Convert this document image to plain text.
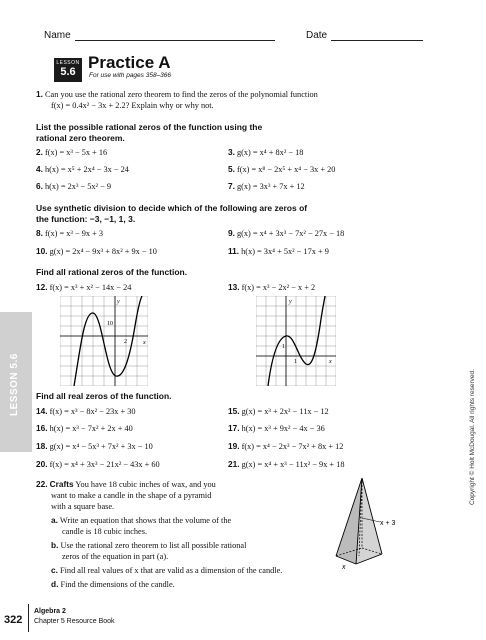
Name	Date
LESSON
5.6 Practice A
For use with pages 358–366
LESSON 5.6	Copyright © Holt McDougal. All rights reserved.
1. Can you use the rational zero theorem to find the zeros of the polynomial function
f(x) = 0.4x² − 3x + 2.2? Explain why or why not.
List the possible rational zeros of the function using the
rational zero theorem.
2. f(x) = x³ − 5x + 16	3. g(x) = x⁴ + 8x² − 18
4. h(x) = x⁵ + 2x⁴ − 3x − 24	5. f(x) = x⁸ − 2x⁵ + x⁴ − 3x + 20
6. h(x) = 2x³ − 5x² − 9	7. g(x) = 3x³ + 7x + 12
Use synthetic division to decide which of the following are zeros of
the function: −3, −1, 1, 3.
8. f(x) = x³ − 9x + 3	9. g(x) = x⁴ + 3x³ − 7x² − 27x − 18
10. g(x) = 2x⁴ − 9x³ + 8x² + 9x − 10	11. h(x) = 3x⁴ + 5x² − 17x + 9
Find all rational zeros of the function.
12. f(x) = x³ + x² − 14x − 24	13. f(x) = x³ − 2x² − x + 2
y
x
10
2
y
x
1
1
Find all real zeros of the function.
14. f(x) = x³ − 8x² − 23x + 30	15. g(x) = x³ + 2x² − 11x − 12
16. h(x) = x³ − 7x² + 2x + 40	17. h(x) = x³ + 9x² − 4x − 36
18. g(x) = x⁴ − 5x³ + 7x² + 3x − 10	19. f(x) = x⁴ − 2x³ − 7x² + 8x + 12
20. f(x) = x⁴ + 3x³ − 21x² − 43x + 60	21. g(x) = x⁴ + x³ − 11x² − 9x + 18
22. Crafts You have 18 cubic inches of wax, and you
want to make a candle in the shape of a pyramid
with a square base.
a. Write an equation that shows that the volume of the
candle is 18 cubic inches.
b. Use the rational zero theorem to list all possible rational
zeros of the equation in part (a).
c. Find all real values of x that are valid as a dimension of the candle.
d. Find the dimensions of the candle.
x + 3
x
322
Algebra 2
Chapter 5 Resource Book
